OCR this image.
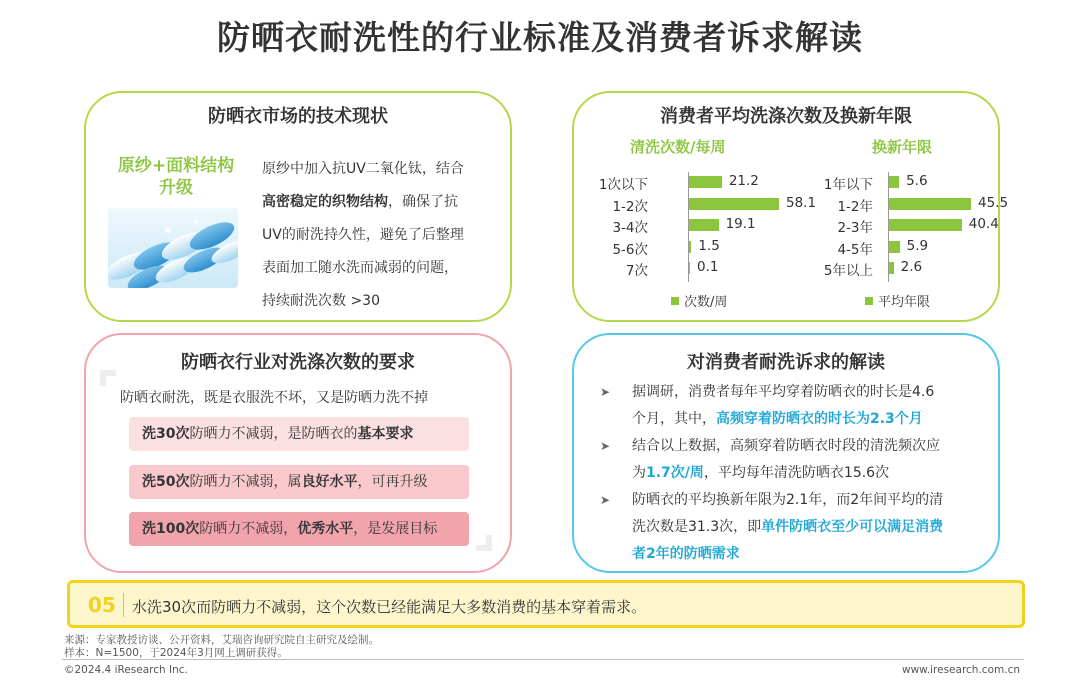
防晒衣耐洗性的行业标准及消费者诉求解读
防晒衣市场的技术现状
原纱+面料结构
升级
原纱中加入抗UV二氧化钛，结合
高密稳定的织物结构，确保了抗
UV的耐洗持久性，避免了后整理
表面加工随水洗而减弱的问题，
持续耐洗次数 >30
消费者平均洗涤次数及换新年限
清洗次数/每周	换新年限
1次以下	21.2
1-2次	58.1
3-4次	19.1
5-6次	1.5
7次	0.1
1年以下 5.6
1-2年	45.5
2-3年	40.4
4-5年 5.9
5年以上 2.6
次数/周	平均年限
防晒衣行业对洗涤次数的要求
防晒衣耐洗，既是衣服洗不坏，又是防晒力洗不掉
洗30次防晒力不减弱，是防晒衣的基本要求
洗50次防晒力不减弱，属良好水平，可再升级
洗100次防晒力不减弱，优秀水平，是发展目标
对消费者耐洗诉求的解读
➤ 据调研，消费者每年平均穿着防晒衣的时长是4.6
个月，其中，高频穿着防晒衣的时长为2.3个月
➤ 结合以上数据，高频穿着防晒衣时段的清洗频次应
为1.7次/周，平均每年清洗防晒衣15.6次
➤ 防晒衣的平均换新年限为2.1年，而2年间平均的清
洗次数是31.3次，即单件防晒衣至少可以满足消费
者2年的防晒需求
05 水洗30次而防晒力不减弱，这个次数已经能满足大多数消费的基本穿着需求。
来源：专家教授访谈、公开资料，艾瑞咨询研究院自主研究及绘制。
样本：N=1500，于2024年3月网上调研获得。
©2024.4 iResearch Inc.	www.iresearch.com.cn
